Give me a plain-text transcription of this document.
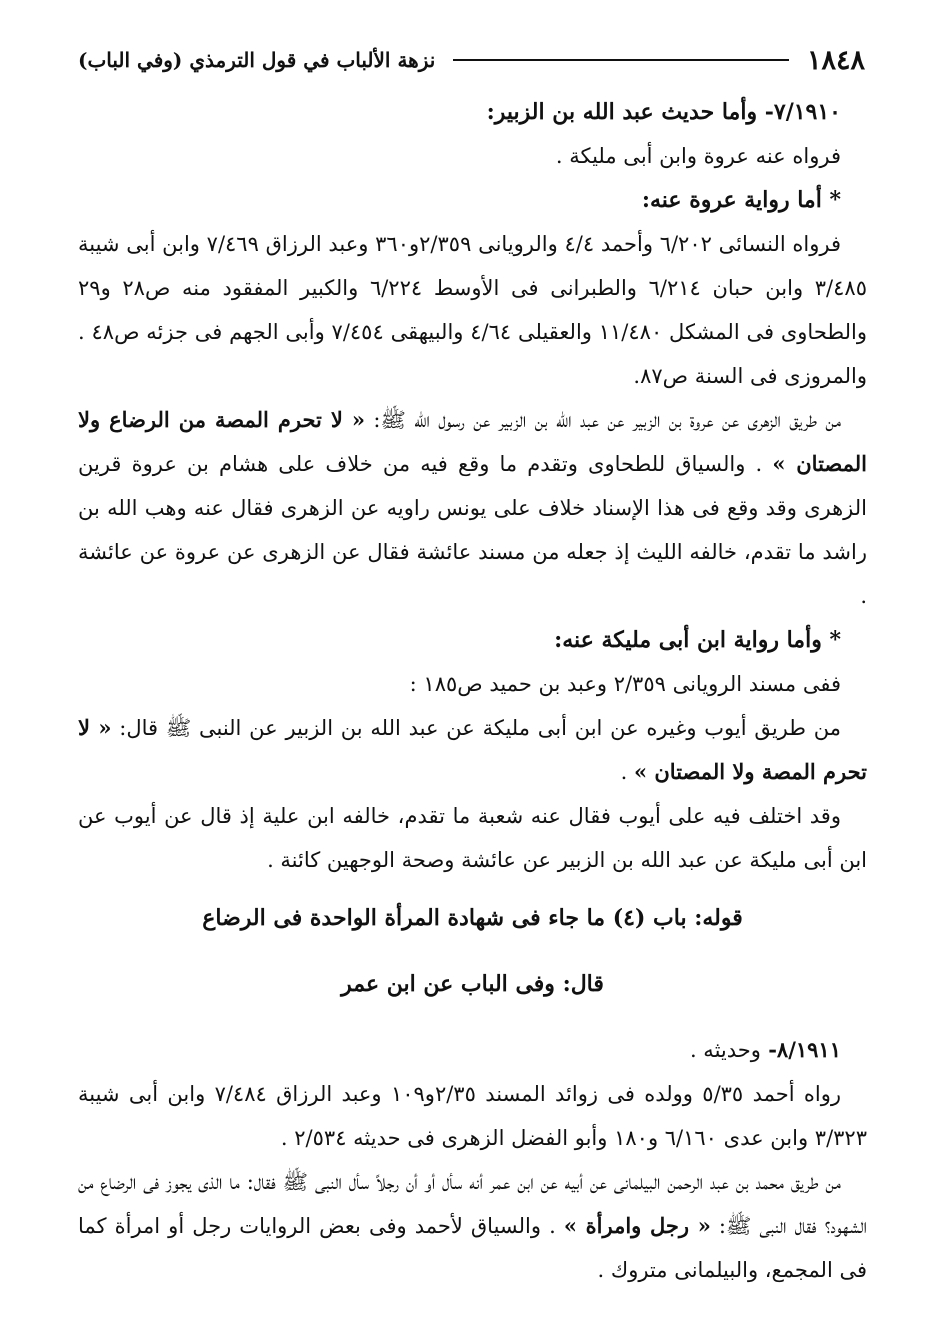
١٨٤٨
نزهة الألباب في قول الترمذي (وفي الباب)

٧/١٩١٠- وأما حديث عبد الله بن الزبير:

فرواه عنه عروة وابن أبى مليكة .

* أما رواية عروة عنه:

فرواه النسائى ٦/٢٠٢ وأحمد ٤/٤ والرويانى ٢/٣٥٩و٣٦٠ وعبد الرزاق ٧/٤٦٩ وابن أبى شيبة ٣/٤٨٥ وابن حبان ٦/٢١٤ والطبرانى فى الأوسط ٦/٢٢٤ والكبير المفقود منه ص٢٨ و٢٩ والطحاوى فى المشكل ١١/٤٨٠ والعقيلى ٤/٦٤ والبيهقى ٧/٤٥٤ وأبى الجهم فى جزئه ص٤٨ . والمروزى فى السنة ص٨٧.

من طريق الزهرى عن عروة بن الزبير عن عبد الله بن الزبير عن رسول الله ﷺ: « لا تحرم المصة من الرضاع ولا المصتان » . والسياق للطحاوى وتقدم ما وقع فيه من خلاف على هشام بن عروة قرين الزهرى وقد وقع فى هذا الإسناد خلاف على يونس راويه عن الزهرى فقال عنه وهب الله بن راشد ما تقدم، خالفه الليث إذ جعله من مسند عائشة فقال عن الزهرى عن عروة عن عائشة .

* وأما رواية ابن أبى مليكة عنه:

ففى مسند الرويانى ٢/٣٥٩ وعبد بن حميد ص١٨٥ :

من طريق أيوب وغيره عن ابن أبى مليكة عن عبد الله بن الزبير عن النبى ﷺ قال: « لا تحرم المصة ولا المصتان » .

وقد اختلف فيه على أيوب فقال عنه شعبة ما تقدم، خالفه ابن علية إذ قال عن أيوب عن ابن أبى مليكة عن عبد الله بن الزبير عن عائشة وصحة الوجهين كائنة .

قوله: باب (٤) ما جاء فى شهادة المرأة الواحدة فى الرضاع

قال: وفى الباب عن ابن عمر

٨/١٩١١- وحديثه .

رواه أحمد ٥/٣٥ وولده فى زوائد المسند ٢/٣٥و١٠٩ وعبد الرزاق ٧/٤٨٤ وابن أبى شيبة ٣/٣٢٣ وابن عدى ٦/١٦٠ و١٨٠ وأبو الفضل الزهرى فى حديثه ٢/٥٣٤ .

من طريق محمد بن عبد الرحمن البيلمانى عن أبيه عن ابن عمر أنه سأل أو أن رجلاً سأل النبى ﷺ فقال: ما الذى يجوز فى الرضاع من الشهود؟ فقال النبى ﷺ: « رجل وامرأة » . والسياق لأحمد وفى بعض الروايات رجل أو امرأة كما فى المجمع، والبيلمانى متروك .
